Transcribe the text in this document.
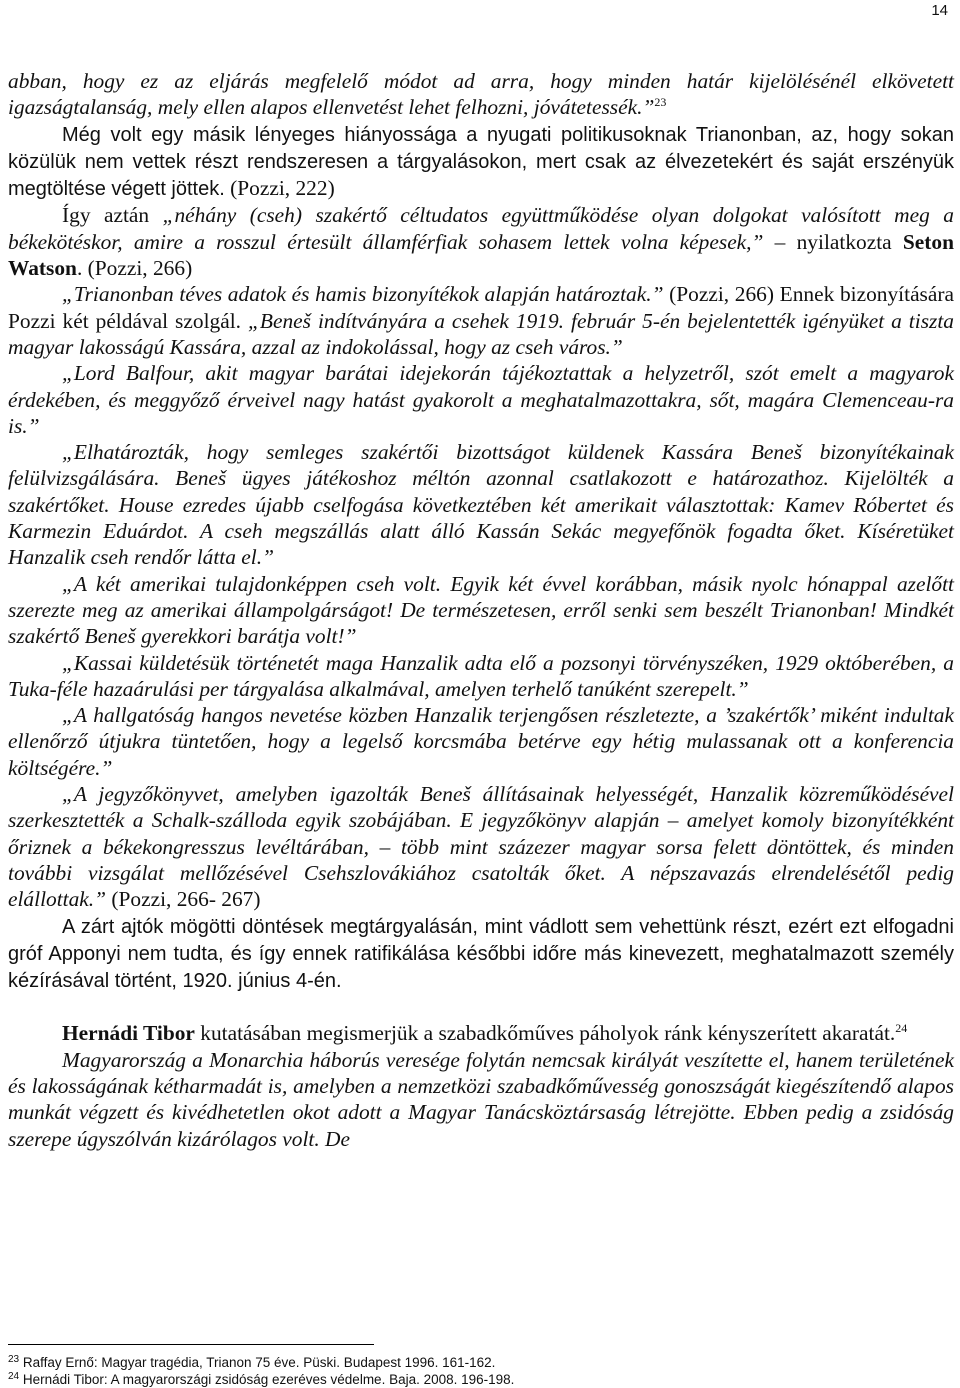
14

abban, hogy ez az eljárás megfelelő módot ad arra, hogy minden határ kijelölésénél elkövetett igazságtalanság, mely ellen alapos ellenvetést lehet felhozni, jóvátetessék.”$^{23}$

Még volt egy másik lényeges hiányossága a nyugati politikusoknak Trianonban, az, hogy sokan közülük nem vettek részt rendszeresen a tárgyalásokon, mert csak az élvezetekért és saját erszényük megtöltése végett jöttek. (Pozzi, 222)

Így aztán „néhány (cseh) szakértő céltudatos együttműködése olyan dolgokat valósított meg a békekötéskor, amire a rosszul értesült államférfiak sohasem lettek volna képesek,” – nyilatkozta Seton Watson. (Pozzi, 266)

„Trianonban téves adatok és hamis bizonyítékok alapján határoztak.” (Pozzi, 266) Ennek bizonyítására Pozzi két példával szolgál. „Beneš indítványára a csehek 1919. február 5-én bejelentették igényüket a tiszta magyar lakosságú Kassára, azzal az indokolással, hogy az cseh város.”

„Lord Balfour, akit magyar barátai idejekorán tájékoztattak a helyzetről, szót emelt a magyarok érdekében, és meggyőző érveivel nagy hatást gyakorolt a meghatalmazottakra, sőt, magára Clemenceau-ra is.”

„Elhatározták, hogy semleges szakértői bizottságot küldenek Kassára Beneš bizonyítékainak felülvizsgálására. Beneš ügyes játékoshoz méltón azonnal csatlakozott e határozathoz. Kijelölték a szakértőket. House ezredes újabb cselfogása következtében két amerikait választottak: Kamev Róbertet és Karmezin Eduárdot. A cseh megszállás alatt álló Kassán Sekác megyefőnök fogadta őket. Kíséretüket Hanzalik cseh rendőr látta el.”

„A két amerikai tulajdonképpen cseh volt. Egyik két évvel korábban, másik nyolc hónappal azelőtt szerezte meg az amerikai állampolgárságot! De természetesen, erről senki sem beszélt Trianonban! Mindkét szakértő Beneš gyerekkori barátja volt!”

„Kassai küldetésük történetét maga Hanzalik adta elő a pozsonyi törvényszéken, 1929 októberében, a Tuka-féle hazaárulási per tárgyalása alkalmával, amelyen terhelő tanúként szerepelt.”

„A hallgatóság hangos nevetése közben Hanzalik terjengősen részletezte, a ’szakértők’ miként indultak ellenőrző útjukra tüntetően, hogy a legelső korcsmába betérve egy hétig mulassanak ott a konferencia költségére.”

„A jegyzőkönyvet, amelyben igazolták Beneš állításainak helyességét, Hanzalik közreműködésével szerkesztették a Schalk-szálloda egyik szobájában. E jegyzőkönyv alapján – amelyet komoly bizonyítékként őriznek a békekongresszus levéltárában, – több mint százezer magyar sorsa felett döntöttek, és minden további vizsgálat mellőzésével Csehszlovákiához csatolták őket. A népszavazás elrendelésétől pedig elállottak.” (Pozzi, 266- 267)

A zárt ajtók mögötti döntések megtárgyalásán, mint vádlott sem vehettünk részt, ezért ezt elfogadni gróf Apponyi nem tudta, és így ennek ratifikálása későbbi időre más kinevezett, meghatalmazott személy kézírásával történt, 1920. június 4-én.

Hernádi Tibor kutatásában megismerjük a szabadkőműves páholyok ránk kényszerített akaratát.$^{24}$

Magyarország a Monarchia háborús veresége folytán nemcsak királyát veszítette el, hanem területének és lakosságának kétharmadát is, amelyben a nemzetközi szabadkőművesség gonoszságát kiegészítendő alapos munkát végzett és kivédhetetlen okot adott a Magyar Tanácsköztársaság létrejötte. Ebben pedig a zsidóság szerepe úgyszólván kizárólagos volt. De

$^{23}$ Raffay Ernő: Magyar tragédia, Trianon 75 éve. Püski. Budapest 1996. 161-162.
$^{24}$ Hernádi Tibor: A magyarországi zsidóság ezeréves védelme. Baja. 2008. 196-198.
